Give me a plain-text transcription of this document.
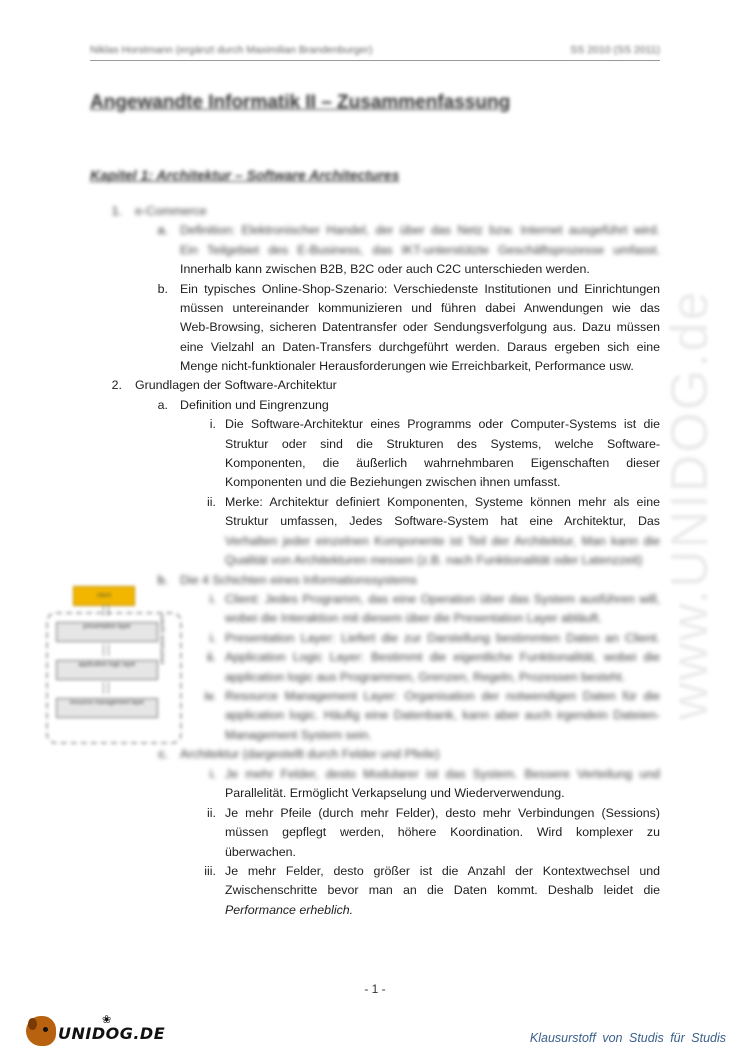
Niklas Horstmann (ergänzt durch Maximilian Brandenburger)	SS 2010 (SS 2011)
Angewandte Informatik II – Zusammenfassung
Kapitel 1: Architektur – Software Architectures
1.
a.
b.
2.
a.
i.
ii.
b.
i.
i.
ii.
iv.
c.
i.
ii.
iii.
e-Commerce
Definition: Elektronischer Handel, der über das Netz bzw. Internet ausgeführt wird.
Ein Teilgebiet des E-Business, das IKT-unterstützte Geschäftsprozesse umfasst.
Innerhalb kann zwischen B2B, B2C oder auch C2C unterschieden werden.
Ein typisches Online-Shop-Szenario: Verschiedenste Institutionen und Einrichtungen
müssen untereinander kommunizieren und führen dabei Anwendungen wie das
Web-Browsing, sicheren Datentransfer oder Sendungsverfolgung aus. Dazu müssen
eine Vielzahl an Daten-Transfers durchgeführt werden. Daraus ergeben sich eine
Menge nicht-funktionaler Herausforderungen wie Erreichbarkeit, Performance usw.
Grundlagen der Software-Architektur
Definition und Eingrenzung
Die Software-Architektur eines Programms oder Computer-Systems ist die
Struktur oder sind die Strukturen des Systems, welche Software-
Komponenten, die äußerlich wahrnehmbaren Eigenschaften dieser
Komponenten und die Beziehungen zwischen ihnen umfasst.
Merke: Architektur definiert Komponenten, Systeme können mehr als eine
Struktur umfassen, Jedes Software-System hat eine Architektur, Das
Verhalten jeder einzelnen Komponente ist Teil der Architektur, Man kann die
Qualität von Architekturen messen (z.B. nach Funktionalität oder Latenzzeit)
Die 4 Schichten eines Informationssystems
Client: Jedes Programm, das eine Operation über das System ausführen will,
wobei die Interaktion mit diesem über die Presentation Layer abläuft.
Presentation Layer: Liefert die zur Darstellung bestimmten Daten an Client.
Application Logic Layer: Bestimmt die eigentliche Funktionalität, wobei die
application logic aus Programmen, Grenzen, Regeln, Prozessen besteht.
Resource Management Layer: Organisation der notwendigen Daten für die
application logic. Häufig eine Datenbank, kann aber auch irgendein Dateien-
Management System sein.
Architektur (dargestellt durch Felder und Pfeile)
Je mehr Felder, desto Modularer ist das System. Bessere Verteilung und
Parallelität. Ermöglicht Verkapselung und Wiederverwendung.
Je mehr Pfeile (durch mehr Felder), desto mehr Verbindungen (Sessions)
müssen gepflegt werden, höhere Koordination. Wird komplexer zu
überwachen.
Je mehr Felder, desto größer ist die Anzahl der Kontextwechsel und
Zwischenschritte bevor man an die Daten kommt. Deshalb leidet die
Performance erheblich.
client
presentation layer
application logic layer
resource management layer
information system	www.UNIDOG.de
- 1 -
❀
UNIDOG.DE	Klausurstoff von Studis für Studis
